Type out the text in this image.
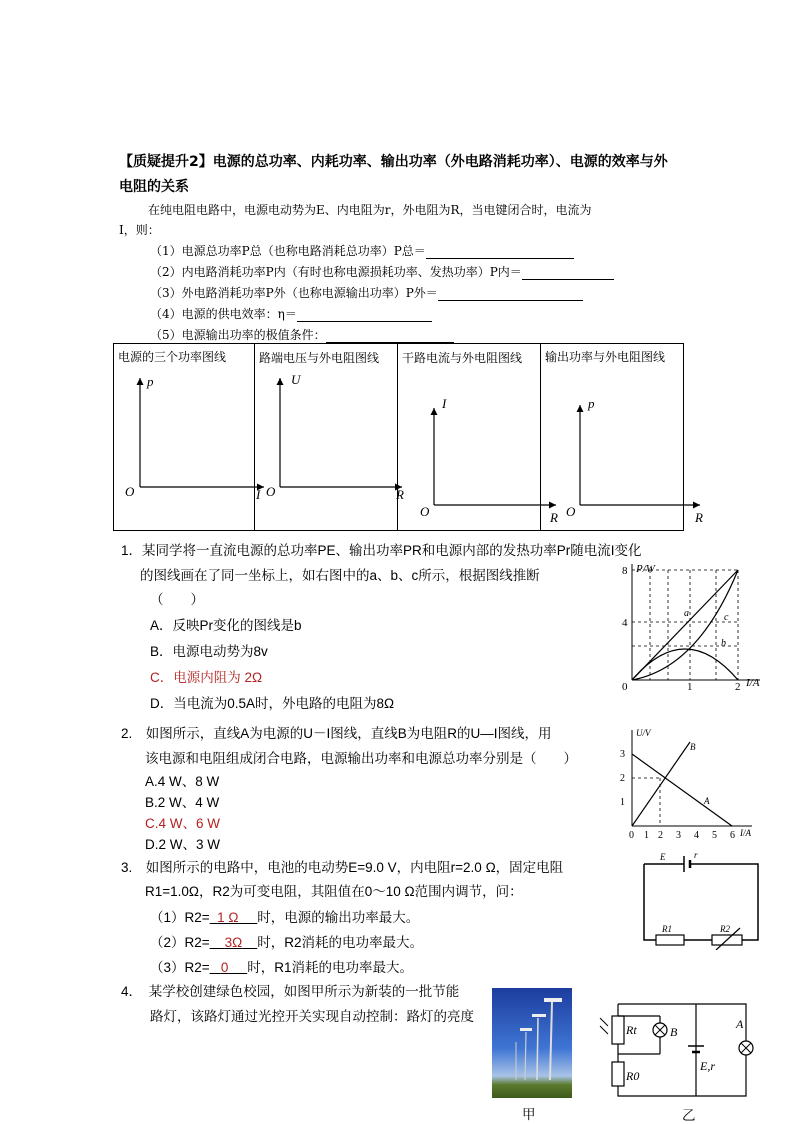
【质疑提升2】电源的总功率、内耗功率、输出功率（外电路消耗功率）、电源的效率与外
电阻的关系
在纯电阻电路中，电源电动势为E、内电阻为r，外电阻为R，当电键闭合时，电流为
I，则：
（1）电源总功率P总（也称电路消耗总功率）P总＝
（2）内电路消耗功率P内（有时也称电源损耗功率、发热功率）P内＝
（3）外电路消耗功率P外（也称电源输出功率）P外＝
（4）电源的供电效率：η＝
（5）电源输出功率的极值条件：
电源的三个功率图线	路端电压与外电阻图线	干路电流与外电阻图线	输出功率与外电阻图线
p
O	I
U
O	R
I
O	R
p
O	R
1．某同学将一直流电源的总功率PE、输出功率PR和电源内部的发热功率Pr随电流I变化
的图线画在了同一坐标上，如右图中的a、b、c所示，根据图线推断
（　　）
A．反映Pr变化的图线是b
B．电源电动势为8v
C．电源内阻为 2Ω
D．当电流为0.5A时，外电路的电阻为8Ω
P/W
I/A
0
8
4
1	2
a
b
c
2.　如图所示，直线A为电源的U－I图线，直线B为电阻R的U—I图线，用
该电源和电阻组成闭合电路，电源输出功率和电源总功率分别是（　　）
A.4 W、8 W
B.2 W、4 W
C.4 W、6 W
D.2 W、3 W
U/V
I/A
3
2
1
0 1 2 3 4 5 6
A
B
3.　如图所示的电路中，电池的电动势E=9.0 V，内电阻r=2.0 Ω，固定电阻
R1=1.0Ω，R2为可变电阻，其阻值在0～10 Ω范围内调节，问：
（1）R2= 1 Ω 时，电源的输出功率最大。
（2）R2= 3Ω 时，R2消耗的电功率最大。
（3）R2= 0 时，R1消耗的电功率最大。
E	r
R1	R2
4．　某学校创建绿色校园，如图甲所示为新装的一批节能
路灯，该路灯通过光控开关实现自动控制：路灯的亮度
甲
Rt
R0
B
A
E,r
乙
